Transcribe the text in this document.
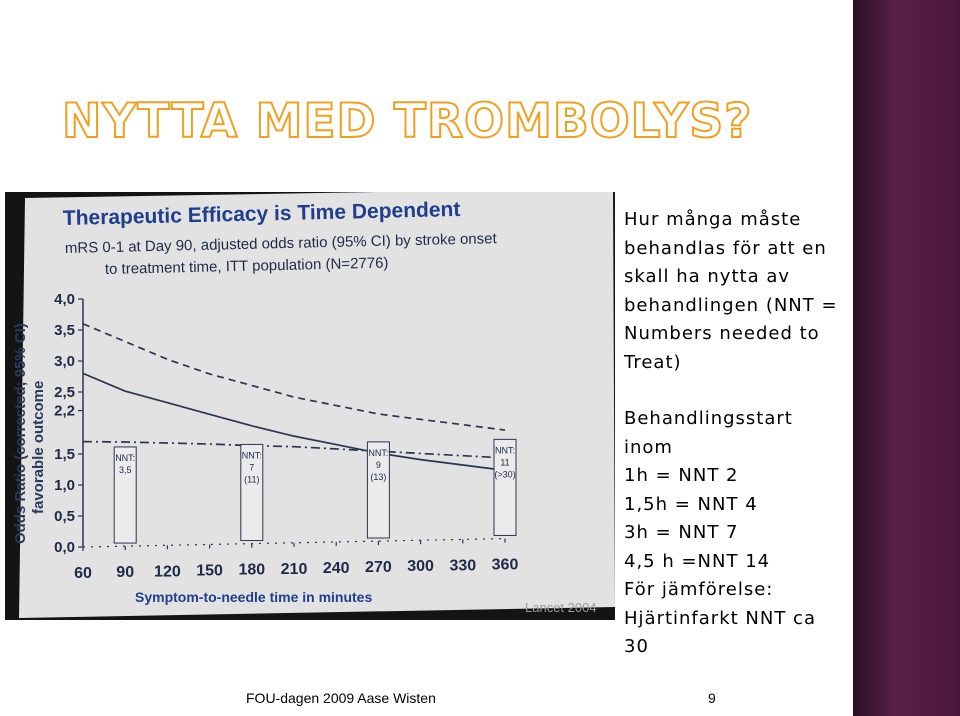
NYTTA MED TROMBOLYS?
Therapeutic Efficacy is Time Dependent
mRS 0-1 at Day 90, adjusted odds ratio (95% CI) by stroke onset
to treatment time, ITT population (N=2776)
Odds Ratio (corrected; 95% CI) favorable outcome
0,0
0,5
1,0
1,5
2,2
2,5
3,0
3,5
4,0
60 90 120 150 180 210 240 270 300 330 360
NNT:
3,5
NNT:
7
(11)
NNT:
9
(13)
NNT:
11
(>30)
Symptom-to-needle time in minutes
Lancet 2004

Hur många måste

behandlas för att en

skall ha nytta av

behandlingen (NNT =

Numbers needed to

Treat)

Behandlingsstart

inom

1h = NNT 2

1,5h = NNT 4

3h = NNT 7

4,5 h =NNT 14

För jämförelse:

Hjärtinfarkt NNT ca

30

FOU-dagen 2009 Aase Wisten	9
